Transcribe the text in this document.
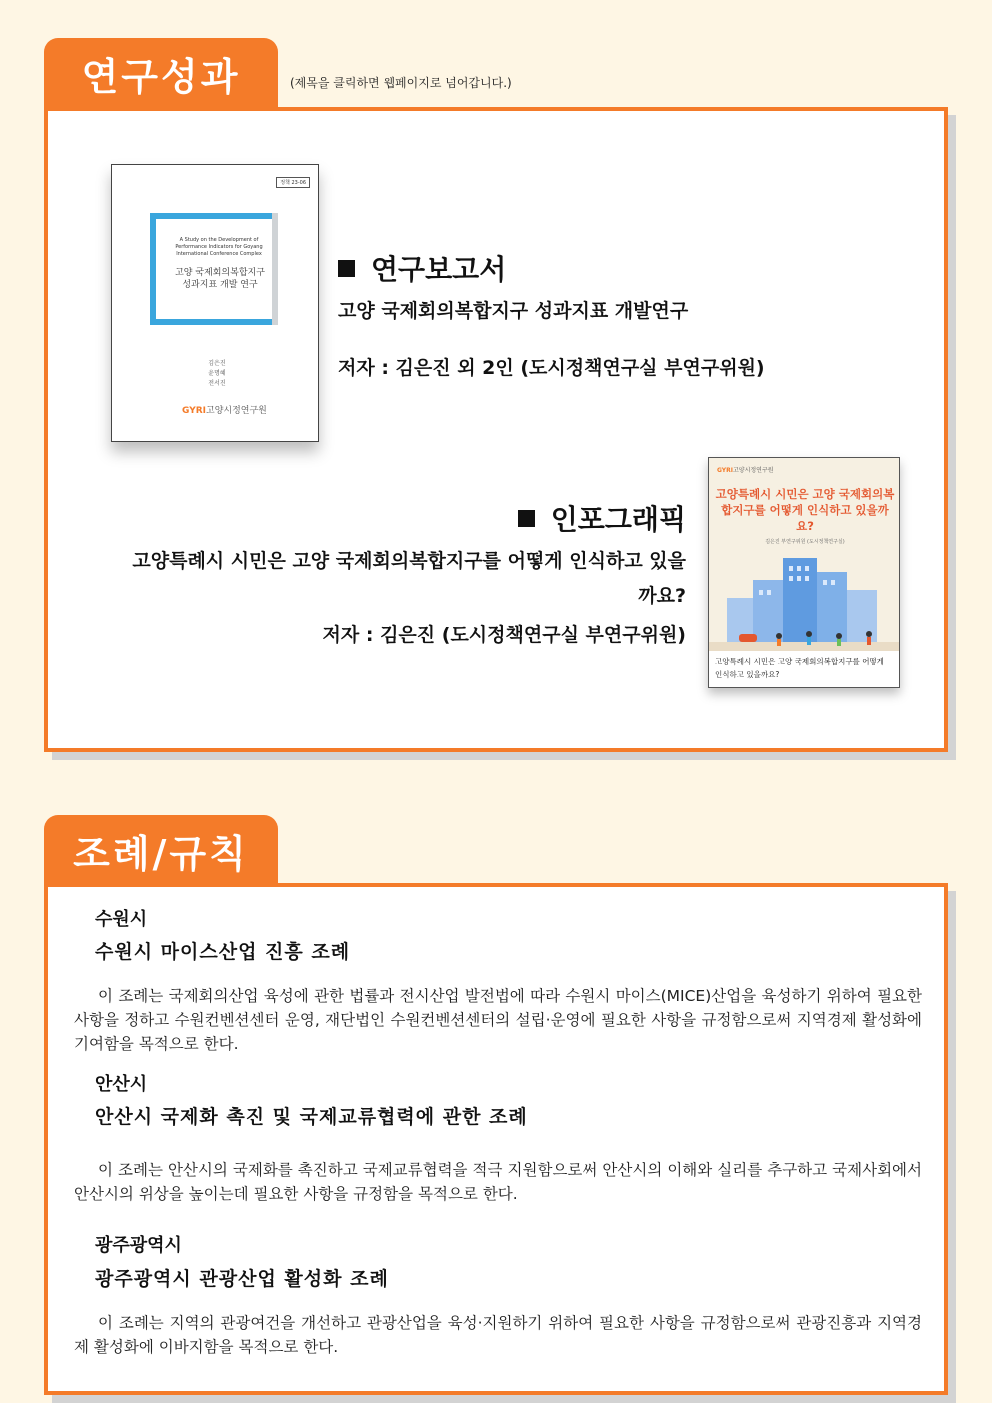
연구성과	(제목을 클릭하면 웹페이지로 넘어갑니다.)
정책 23-06
A Study on the Development of Performance Indicators for Goyang International Conference Complex
고양 국제회의복합지구 성과지표 개발 연구
김은진
윤명혜
전서진
GYRI고양시정연구원
연구보고서
고양 국제회의복합지구 성과지표 개발연구
저자 : 김은진 외 2인 (도시정책연구실 부연구위원)
인포그래픽
고양특례시 시민은 고양 국제회의복합지구를 어떻게 인식하고 있을까요?
저자 : 김은진 (도시정책연구실 부연구위원)
GYRI고양시정연구원
고양특례시 시민은 고양 국제회의복합지구를 어떻게 인식하고 있을까요?
김은진 부연구위원 (도시정책연구실)
고양특례시 시민은 고양 국제회의복합지구를 어떻게 인식하고 있을까요?
조례/규칙
수원시
수원시 마이스산업 진흥 조례
이 조례는 국제회의산업 육성에 관한 법률과 전시산업 발전법에 따라 수원시 마이스(MICE)산업을 육성하기 위하여 필요한 사항을 정하고 수원컨벤션센터 운영, 재단법인 수원컨벤션센터의 설립·운영에 필요한 사항을 규정함으로써 지역경제 활성화에 기여함을 목적으로 한다.
안산시
안산시 국제화 촉진 및 국제교류협력에 관한 조례
이 조례는 안산시의 국제화를 촉진하고 국제교류협력을 적극 지원함으로써 안산시의 이해와 실리를 추구하고 국제사회에서 안산시의 위상을 높이는데 필요한 사항을 규정함을 목적으로 한다.
광주광역시
광주광역시 관광산업 활성화 조례
이 조례는 지역의 관광여건을 개선하고 관광산업을 육성·지원하기 위하여 필요한 사항을 규정함으로써 관광진흥과 지역경제 활성화에 이바지함을 목적으로 한다.
